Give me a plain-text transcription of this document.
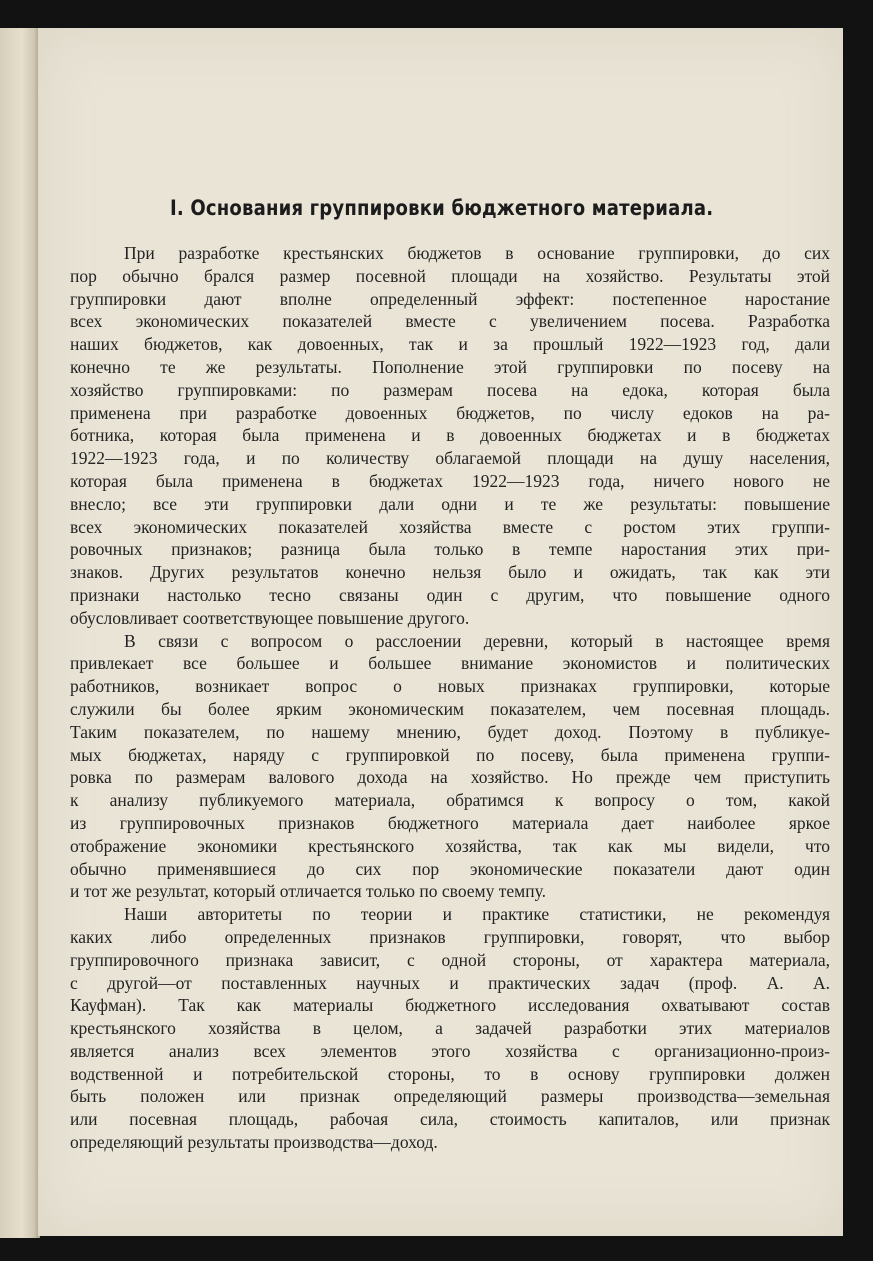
I. Основания группировки бюджетного материала.
При разработке крестьянских бюджетов в основание группировки, до сих
пор обычно брался размер посевной площади на хозяйство. Результаты этой
группировки дают вполне определенный эффект: постепенное наростание
всех экономических показателей вместе с увеличением посева. Разработка
наших бюджетов, как довоенных, так и за прошлый 1922—1923 год, дали
конечно те же результаты. Пополнение этой группировки по посеву на
хозяйство группировками: по размерам посева на едока, которая была
применена при разработке довоенных бюджетов, по числу едоков на ра-
ботника, которая была применена и в довоенных бюджетах и в бюджетах
1922—1923 года, и по количеству облагаемой площади на душу населения,
которая была применена в бюджетах 1922—1923 года, ничего нового не
внесло; все эти группировки дали одни и те же результаты: повышение
всех экономических показателей хозяйства вместе с ростом этих группи-
ровочных признаков; разница была только в темпе наростания этих при-
знаков. Других результатов конечно нельзя было и ожидать, так как эти
признаки настолько тесно связаны один с другим, что повышение одного
обусловливает соответствующее повышение другого.
В связи с вопросом о расслоении деревни, который в настоящее время
привлекает все большее и большее внимание экономистов и политических
работников, возникает вопрос о новых признаках группировки, которые
служили бы более ярким экономическим показателем, чем посевная площадь.
Таким показателем, по нашему мнению, будет доход. Поэтому в публикуе-
мых бюджетах, наряду с группировкой по посеву, была применена группи-
ровка по размерам валового дохода на хозяйство. Но прежде чем приступить
к анализу публикуемого материала, обратимся к вопросу о том, какой
из группировочных признаков бюджетного материала дает наиболее яркое
отображение экономики крестьянского хозяйства, так как мы видели, что
обычно применявшиеся до сих пор экономические показатели дают один
и тот же результат, который отличается только по своему темпу.
Наши авторитеты по теории и практике статистики, не рекомендуя
каких либо определенных признаков группировки, говорят, что выбор
группировочного признака зависит, с одной стороны, от характера материала,
с другой—от поставленных научных и практических задач (проф. А. А.
Кауфман). Так как материалы бюджетного исследования охватывают состав
крестьянского хозяйства в целом, а задачей разработки этих материалов
является анализ всех элементов этого хозяйства с организационно-произ-
водственной и потребительской стороны, то в основу группировки должен
быть положен или признак определяющий размеры производства—земельная
или посевная площадь, рабочая сила, стоимость капиталов, или признак
определяющий результаты производства—доход.
